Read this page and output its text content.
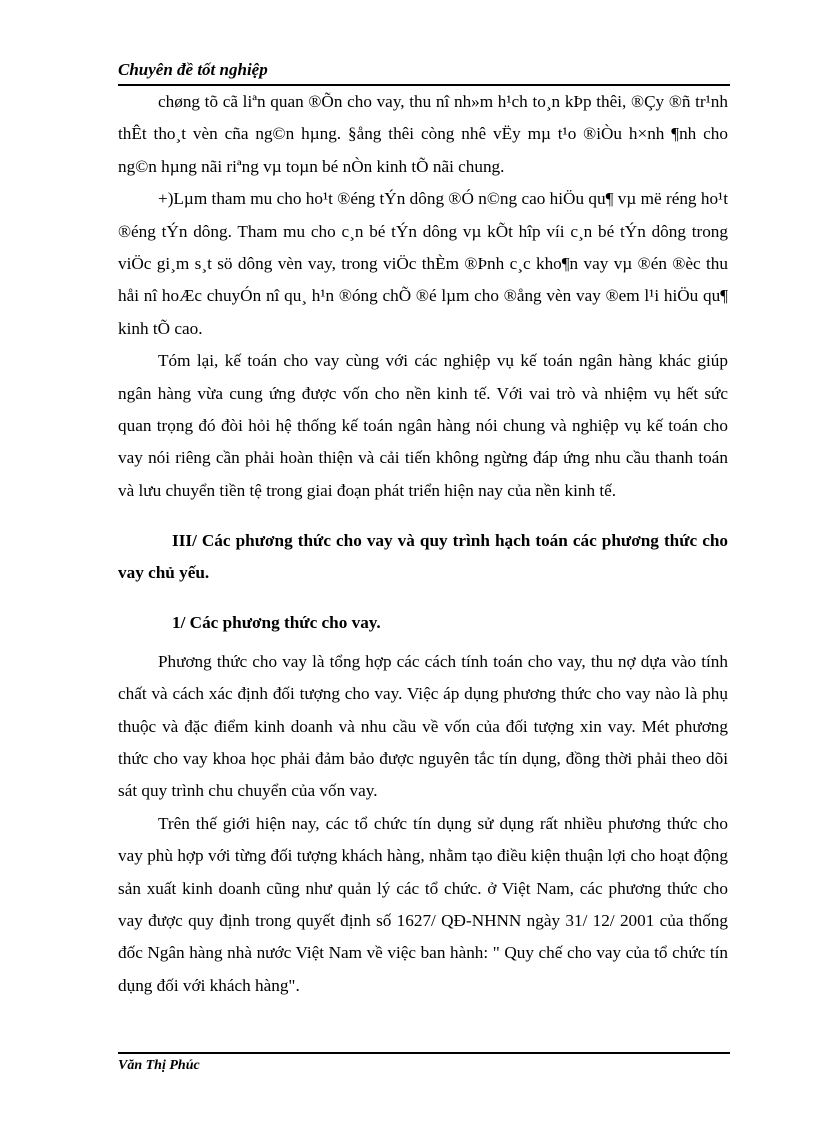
Chuyên đề tốt nghiệp

chøng tõ cã liªn quan ®Õn cho vay, thu nî nh»m h¹ch to¸n kÞp thêi, ®Çy ®ñ tr¹nh thÊt tho¸t vèn cña ng©n hµng. §ång thêi còng nhê vËy mµ t¹o ®iÒu h×nh ¶nh cho ng©n hµng nãi riªng vµ toµn bé nÒn kinh tÕ nãi chung.

+)Lµm tham mu cho ho¹t ®éng tÝn dông ®Ó n©ng cao hiÖu qu¶ vµ më réng ho¹t ®éng tÝn dông. Tham mu cho c¸n bé tÝn dông vµ kÕt hîp víi c¸n bé tÝn dông trong viÖc gi¸m s¸t sö dông vèn vay, trong viÖc thÈm ®Þnh c¸c kho¶n vay vµ ®én ®èc thu håi nî hoÆc chuyÓn nî qu¸ h¹n ®óng chÕ ®é lµm cho ®ång vèn vay ®em l¹i hiÖu qu¶ kinh tÕ cao.

Tóm lại, kế toán cho vay cùng với các nghiệp vụ kế toán ngân hàng khác giúp ngân hàng vừa cung ứng được vốn cho nền kinh tế. Với vai trò và nhiệm vụ hết sức quan trọng đó đòi hỏi hệ thống kế toán ngân hàng nói chung và nghiệp vụ kế toán cho vay nói riêng cần phải hoàn thiện và cải tiến không ngừng đáp ứng nhu cầu thanh toán và lưu chuyển tiền tệ trong giai đoạn phát triển hiện nay của nền kinh tế.

III/ Các phương thức cho vay và quy trình hạch toán các phương thức cho vay chủ yếu.

1/ Các phương thức cho vay.

Phương thức cho vay là tổng hợp các cách tính toán cho vay, thu nợ dựa vào tính chất và cách xác định đối tượng cho vay. Việc áp dụng phương thức cho vay nào là phụ thuộc và đặc điểm kinh doanh và nhu cầu về vốn của đối tượng xin vay. Mét phương thức cho vay khoa học phải đảm bảo được nguyên tắc tín dụng, đồng thời phải theo dõi sát quy trình chu chuyển của vốn vay.

Trên thế giới hiện nay, các tổ chức tín dụng sử dụng rất nhiều phương thức cho vay phù hợp với từng đối tượng khách hàng, nhằm tạo điều kiện thuận lợi cho hoạt động sản xuất kinh doanh cũng như quản lý các tổ chức. ở Việt Nam, các phương thức cho vay được quy định trong quyết định số 1627/ QĐ-NHNN ngày 31/ 12/ 2001 của thống đốc Ngân hàng nhà nước Việt Nam về việc ban hành: " Quy chế cho vay của tổ chức tín dụng đối với khách hàng".

Văn Thị Phúc
